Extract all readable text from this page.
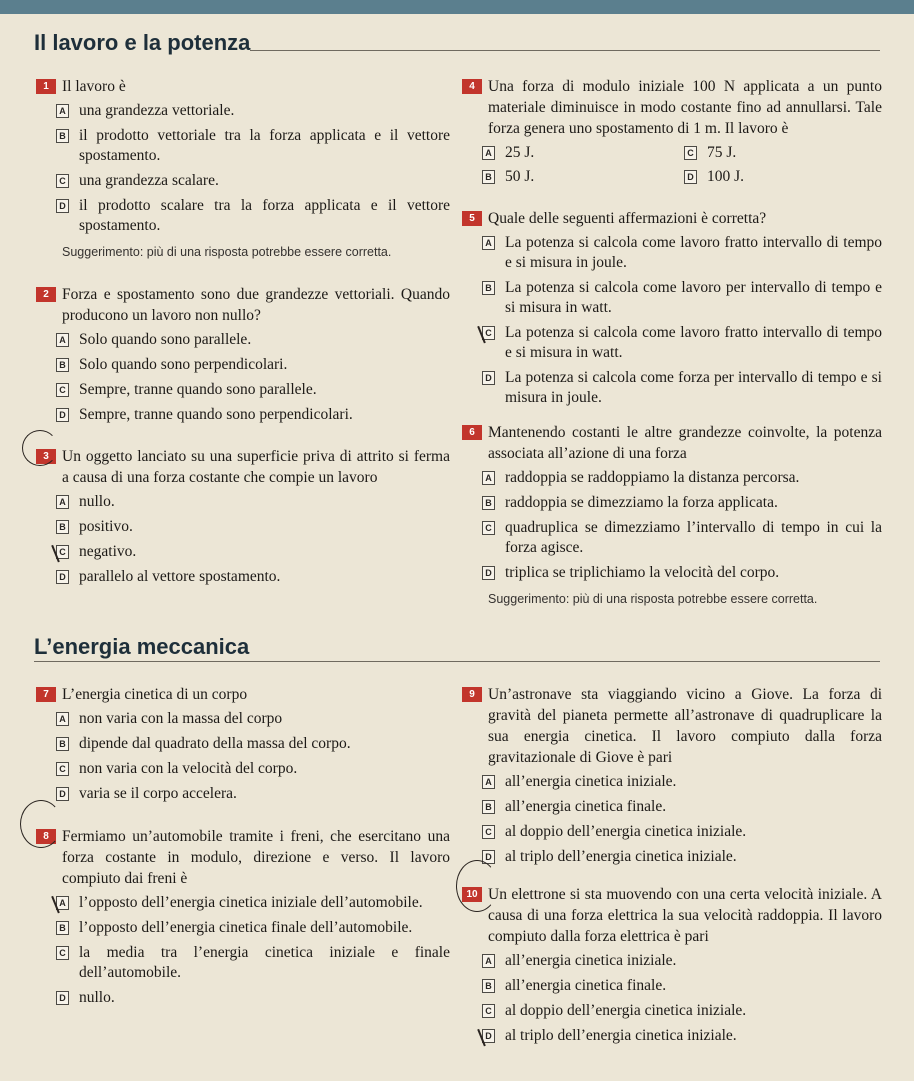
Il lavoro e la potenza
1 Il lavoro è
A una grandezza vettoriale.
B il prodotto vettoriale tra la forza applicata e il vettore spostamento.
C una grandezza scalare.
D il prodotto scalare tra la forza applicata e il vettore spostamento.
Suggerimento: più di una risposta potrebbe essere corretta.
2 Forza e spostamento sono due grandezze vettoriali. Quando producono un lavoro non nullo?
A Solo quando sono parallele.
B Solo quando sono perpendicolari.
C Sempre, tranne quando sono parallele.
D Sempre, tranne quando sono perpendicolari.
3 Un oggetto lanciato su una superficie priva di attrito si ferma a causa di una forza costante che compie un lavoro
A nullo.
B positivo.
C negativo.
D parallelo al vettore spostamento.
4 Una forza di modulo iniziale 100 N applicata a un punto materiale diminuisce in modo costante fino ad annullarsi. Tale forza genera uno spostamento di 1 m. Il lavoro è
A 25 J.	C 75 J.
B 50 J.	D 100 J.
5 Quale delle seguenti affermazioni è corretta?
A La potenza si calcola come lavoro fratto intervallo di tempo e si misura in joule.
B La potenza si calcola come lavoro per intervallo di tempo e si misura in watt.
C La potenza si calcola come lavoro fratto intervallo di tempo e si misura in watt.
D La potenza si calcola come forza per intervallo di tempo e si misura in joule.
6 Mantenendo costanti le altre grandezze coinvolte, la potenza associata all’azione di una forza
A raddoppia se raddoppiamo la distanza percorsa.
B raddoppia se dimezziamo la forza applicata.
C quadruplica se dimezziamo l’intervallo di tempo in cui la forza agisce.
D triplica se triplichiamo la velocità del corpo.
Suggerimento: più di una risposta potrebbe essere corretta.
L’energia meccanica
7 L’energia cinetica di un corpo
A non varia con la massa del corpo
B dipende dal quadrato della massa del corpo.
C non varia con la velocità del corpo.
D varia se il corpo accelera.
8 Fermiamo un’automobile tramite i freni, che esercitano una forza costante in modulo, direzione e verso. Il lavoro compiuto dai freni è
A l’opposto dell’energia cinetica iniziale dell’automobile.
B l’opposto dell’energia cinetica finale dell’automobile.
C la media tra l’energia cinetica iniziale e finale dell’automobile.
D nullo.
9 Un’astronave sta viaggiando vicino a Giove. La forza di gravità del pianeta permette all’astronave di quadruplicare la sua energia cinetica. Il lavoro compiuto dalla forza gravitazionale di Giove è pari
A all’energia cinetica iniziale.
B all’energia cinetica finale.
C al doppio dell’energia cinetica iniziale.
D al triplo dell’energia cinetica iniziale.
10 Un elettrone si sta muovendo con una certa velocità iniziale. A causa di una forza elettrica la sua velocità raddoppia. Il lavoro compiuto dalla forza elettrica è pari
A all’energia cinetica iniziale.
B all’energia cinetica finale.
C al doppio dell’energia cinetica iniziale.
D al triplo dell’energia cinetica iniziale.
